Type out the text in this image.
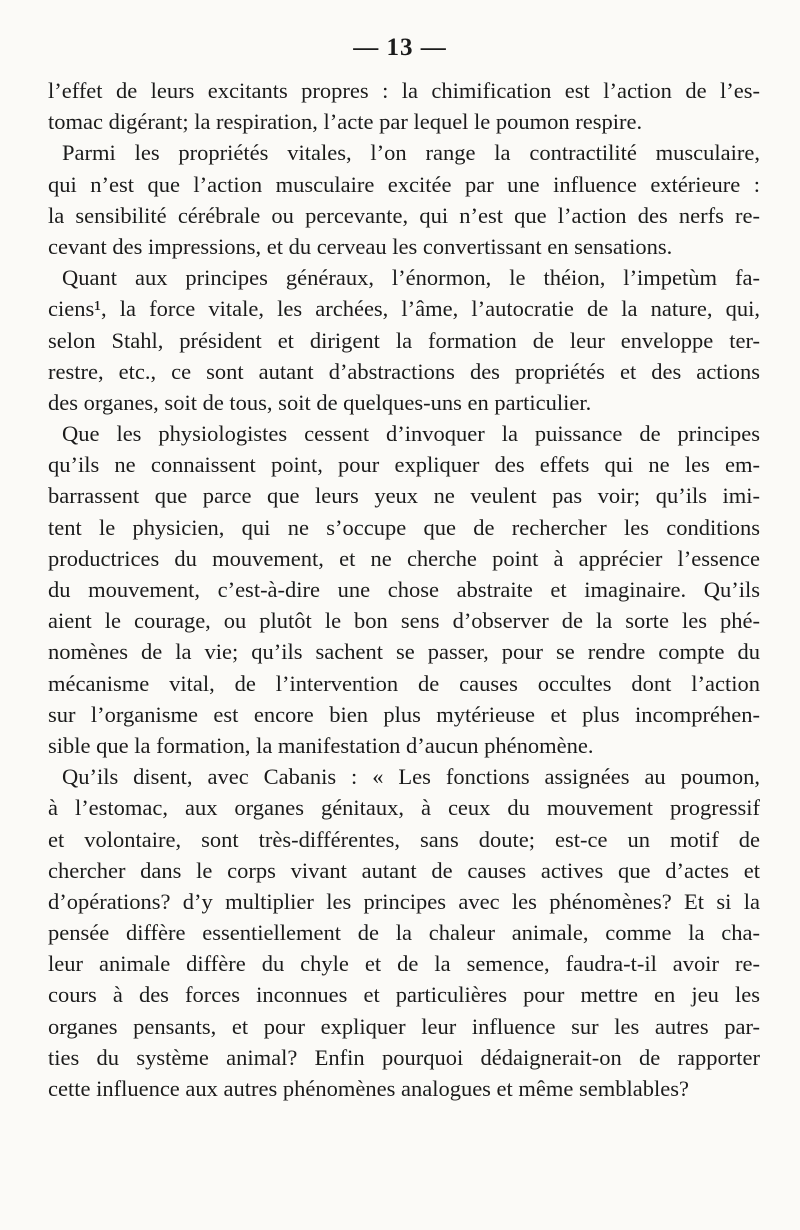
— 13 —
l’effet de leurs excitants propres : la chimification est l’action de l’es-
tomac digérant; la respiration, l’acte par lequel le poumon respire.
Parmi les propriétés vitales, l’on range la contractilité musculaire,
qui n’est que l’action musculaire excitée par une influence extérieure :
la sensibilité cérébrale ou percevante, qui n’est que l’action des nerfs re-
cevant des impressions, et du cerveau les convertissant en sensations.
Quant aux principes généraux, l’énormon, le théion, l’impetùm fa-
ciens¹, la force vitale, les archées, l’âme, l’autocratie de la nature, qui,
selon Stahl, président et dirigent la formation de leur enveloppe ter-
restre, etc., ce sont autant d’abstractions des propriétés et des actions
des organes, soit de tous, soit de quelques-uns en particulier.
Que les physiologistes cessent d’invoquer la puissance de principes
qu’ils ne connaissent point, pour expliquer des effets qui ne les em-
barrassent que parce que leurs yeux ne veulent pas voir; qu’ils imi-
tent le physicien, qui ne s’occupe que de rechercher les conditions
productrices du mouvement, et ne cherche point à apprécier l’essence
du mouvement, c’est-à-dire une chose abstraite et imaginaire. Qu’ils
aient le courage, ou plutôt le bon sens d’observer de la sorte les phé-
nomènes de la vie; qu’ils sachent se passer, pour se rendre compte du
mécanisme vital, de l’intervention de causes occultes dont l’action
sur l’organisme est encore bien plus mytérieuse et plus incompréhen-
sible que la formation, la manifestation d’aucun phénomène.
Qu’ils disent, avec Cabanis : « Les fonctions assignées au poumon,
à l’estomac, aux organes génitaux, à ceux du mouvement progressif
et volontaire, sont très-différentes, sans doute; est-ce un motif de
chercher dans le corps vivant autant de causes actives que d’actes et
d’opérations? d’y multiplier les principes avec les phénomènes? Et si la
pensée diffère essentiellement de la chaleur animale, comme la cha-
leur animale diffère du chyle et de la semence, faudra-t-il avoir re-
cours à des forces inconnues et particulières pour mettre en jeu les
organes pensants, et pour expliquer leur influence sur les autres par-
ties du système animal? Enfin pourquoi dédaignerait-on de rapporter
cette influence aux autres phénomènes analogues et même semblables?
